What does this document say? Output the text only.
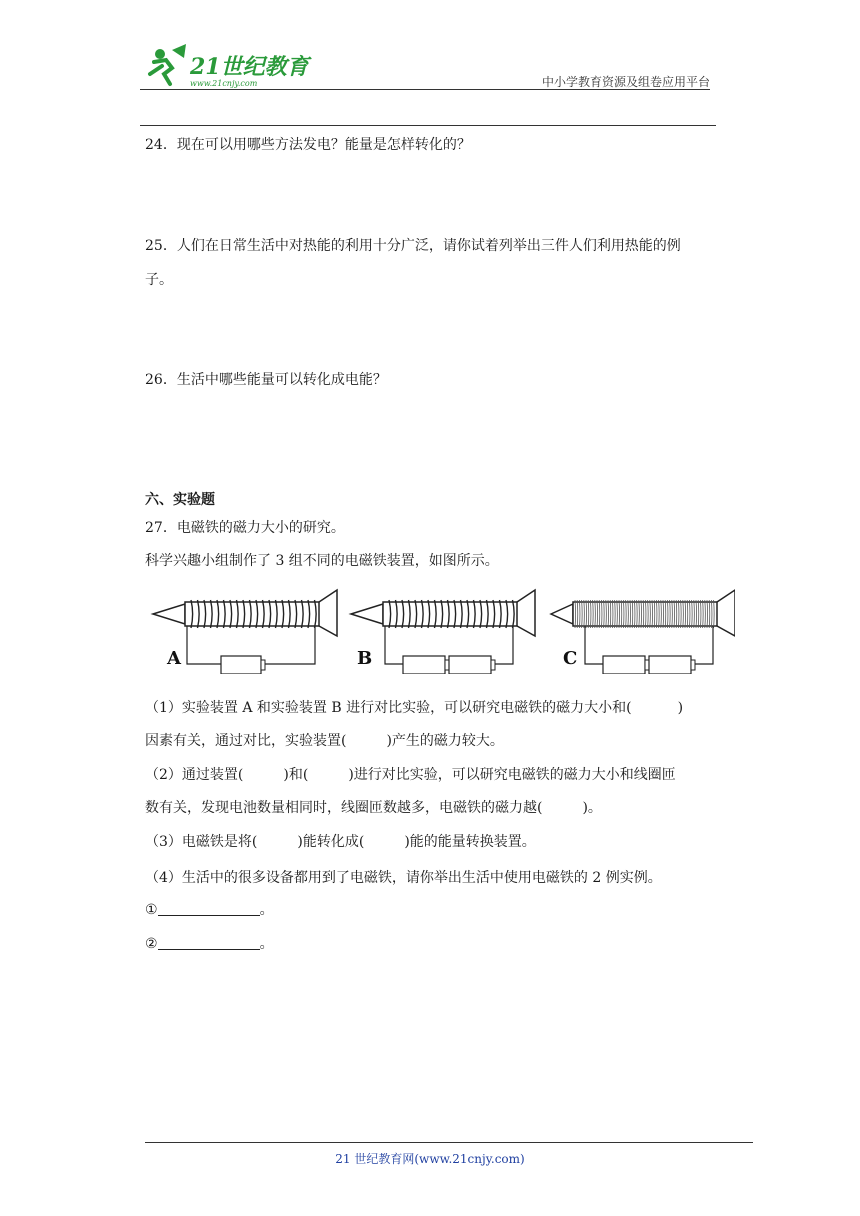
21世纪教育
www.21cnjy.com	中小学教育资源及组卷应用平台
24．现在可以用哪些方法发电？能量是怎样转化的？
25．人们在日常生活中对热能的利用十分广泛，请你试着列举出三件人们利用热能的例
子。
26．生活中哪些能量可以转化成电能？
六、实验题
27．电磁铁的磁力大小的研究。
科学兴趣小组制作了 3 组不同的电磁铁装置，如图所示。
A	B	C
（1）实验装置 A 和实验装置 B 进行对比实验，可以研究电磁铁的磁力大小和(	)
因素有关，通过对比，实验装置(	)产生的磁力较大。
（2）通过装置(	)和(	)进行对比实验，可以研究电磁铁的磁力大小和线圈匝
数有关，发现电池数量相同时，线圈匝数越多，电磁铁的磁力越(	)。
（3）电磁铁是将(	)能转化成(	)能的能量转换装置。
（4）生活中的很多设备都用到了电磁铁，请你举出生活中使用电磁铁的 2 例实例。
①	。
②	。
21 世纪教育网(www.21cnjy.com)
